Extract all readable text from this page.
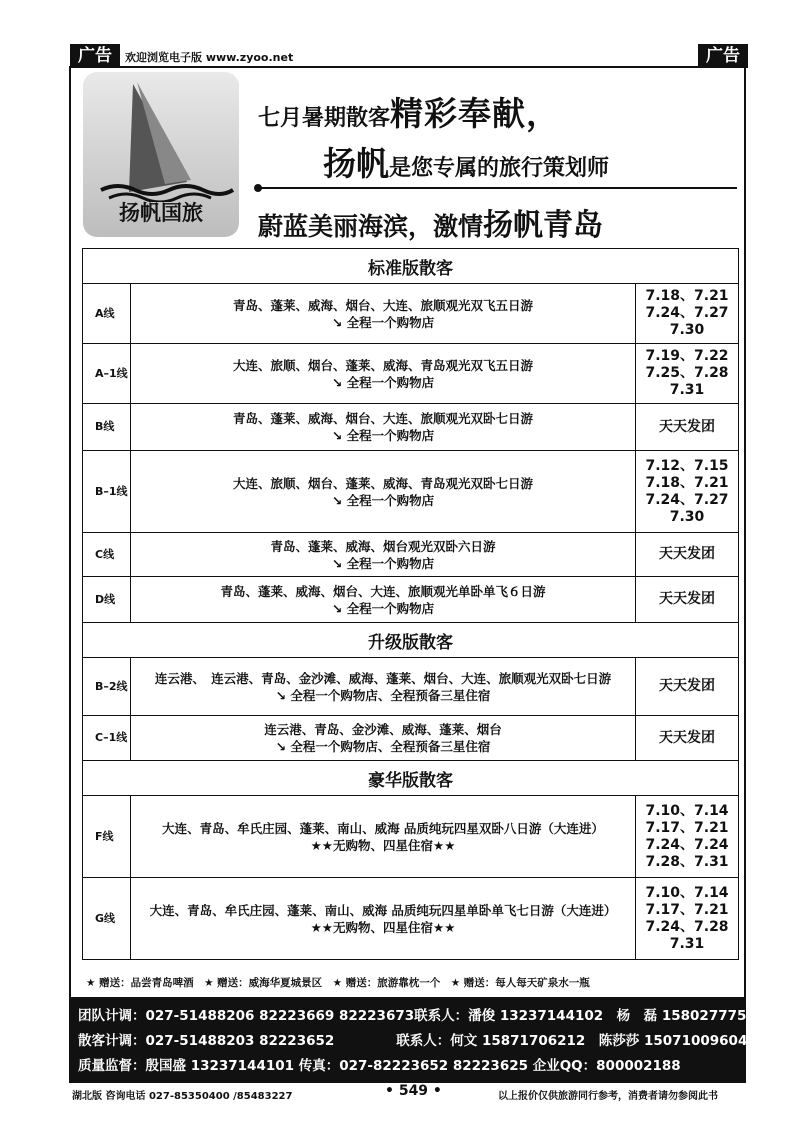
广告	欢迎浏览电子版 www.zyoo.net	广告
扬帆国旅
七月暑期散客精彩奉献，
扬帆是您专属的旅行策划师
蔚蓝美丽海滨，激情扬帆青岛
标准版散客		
A线	青岛、蓬莱、威海、烟台、大连、旅顺观光双飞五日游
↘ 全程一个购物店	7.18、7.21 7.24、7.27 7.30
A–1线	大连、旅顺、烟台、蓬莱、威海、青岛观光双飞五日游
↘ 全程一个购物店	7.19、7.22 7.25、7.28 7.31
B线	青岛、蓬莱、威海、烟台、大连、旅顺观光双卧七日游
↘ 全程一个购物店	天天发团
B–1线	大连、旅顺、烟台、蓬莱、威海、青岛观光双卧七日游
↘ 全程一个购物店	7.12、7.15 7.18、7.21 7.24、7.27 7.30
C线	青岛、蓬莱、威海、烟台观光双卧六日游
↘ 全程一个购物店	天天发团
D线	青岛、蓬莱、威海、烟台、大连、旅顺观光单卧单飞６日游
↘ 全程一个购物店	天天发团
升级版散客		
B–2线	连云港、　连云港、青岛、金沙滩、威海、蓬莱、烟台、大连、旅顺观光双卧七日游
↘ 全程一个购物店、全程预备三星住宿	天天发团
C–1线	连云港、青岛、金沙滩、威海、蓬莱、烟台
↘ 全程一个购物店、全程预备三星住宿	天天发团
豪华版散客		
F线	大连、青岛、牟氏庄园、蓬莱、南山、威海 品质纯玩四星双卧八日游（大连进）
★★无购物、四星住宿★★	7.10、7.14 7.17、7.21 7.24、7.24 7.28、7.31
G线	大连、青岛、牟氏庄园、蓬莱、南山、威海 品质纯玩四星单卧单飞七日游（大连进）
★★无购物、四星住宿★★	7.10、7.14 7.17、7.21 7.24、7.28 7.31
★ 赠送：品尝青岛啤酒　★ 赠送：威海华夏城景区　★ 赠送：旅游靠枕一个　★ 赠送：每人每天矿泉水一瓶
团队计调：027-51488206 82223669 82223673联系人：潘俊 13237144102　杨　磊 15802777512
散客计调：027-51488203 82223652	联系人：何文 15871706212　陈莎莎 15071009604
质量监督：殷国盛 13237144101 传真：027-82223652 82223625 企业QQ：800002188
湖北版 咨询电话 027-85350400 /85483227	• 549 •	以上报价仅供旅游同行参考，消费者请勿参阅此书
